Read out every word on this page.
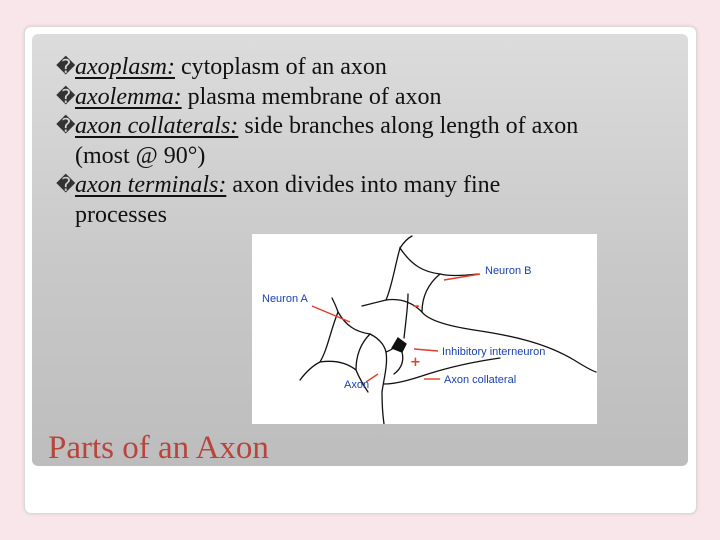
� axoplasm: cytoplasm of an axon
� axolemma: plasma membrane of axon
� axon collaterals: side branches along length of axon
(most @ 90°)
� axon terminals: axon divides into many fine
processes
Neuron A
Neuron B
Inhibitory interneuron
Axon collateral
Axon
–
+
Parts of an Axon
